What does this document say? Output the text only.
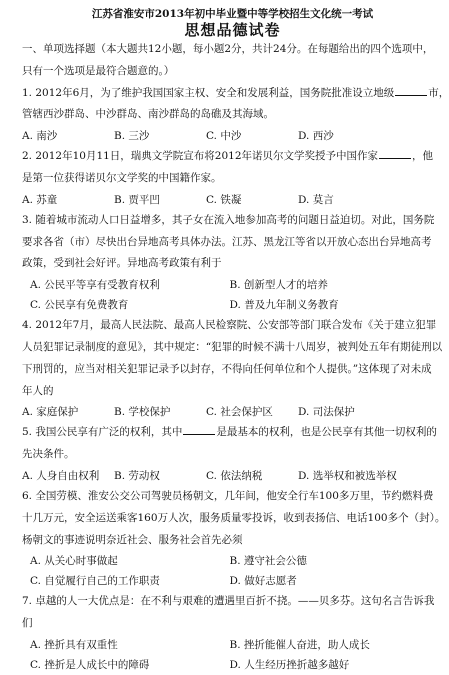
江苏省淮安市2013年初中毕业暨中等学校招生文化统一考试
思想品德试卷
一、单项选择题（本大题共12小题，每小题2分，共计24分。在每题给出的四个选项中，
只有一个选项是最符合题意的。）
1. 2012年6月，为了维护我国国家主权、安全和发展利益，国务院批准设立地级	市，
管辖西沙群岛、中沙群岛、南沙群岛的岛礁及其海域。
A. 南沙	B. 三沙	C. 中沙	D. 西沙
2. 2012年10月11日，瑞典文学院宣布将2012年诺贝尔文学奖授予中国作家	，他
是第一位获得诺贝尔文学奖的中国籍作家。
A. 苏童	B. 贾平凹	C. 铁凝	D. 莫言
3. 随着城市流动人口日益增多，其子女在流入地参加高考的问题日益迫切。对此，国务院
要求各省（市）尽快出台异地高考具体办法。江苏、黑龙江等省以开放心态出台异地高考
政策，受到社会好评。异地高考政策有利于
A. 公民平等享有受教育权利	B. 创新型人才的培养
C. 公民享有免费教育	D. 普及九年制义务教育
4. 2012年7月，最高人民法院、最高人民检察院、公安部等部门联合发布《关于建立犯罪
人员犯罪记录制度的意见》，其中规定：“犯罪的时候不满十八周岁，被判处五年有期徒刑以
下刑罚的，应当对相关犯罪记录予以封存，不得向任何单位和个人提供。”这体现了对未成
年人的
A. 家庭保护	B. 学校保护	C. 社会保护区	D. 司法保护
5. 我国公民享有广泛的权利，其中	是最基本的权利，也是公民享有其他一切权利的
先决条件。
A. 人身自由权利	B. 劳动权	C. 依法纳税	D. 选举权和被选举权
6. 全国劳模、淮安公交公司驾驶员杨朝文，几年间，他安全行车100多万里，节约燃料费
十几万元，安全运送乘客160万人次，服务质量零投诉，收到表扬信、电话100多个（封）。
杨朝文的事迹说明奈近社会、服务社会首先必须
A. 从关心时事做起	B. 遵守社会公德
C. 自觉履行自己的工作职责	D. 做好志愿者
7. 卓越的人一大优点是：在不利与艰难的遭遇里百折不挠。——贝多芬。这句名言告诉我
们
A. 挫折具有双重性	B. 挫折能催人奋进，助人成长
C. 挫折是人成长中的障碍	D. 人生经历挫折越多越好
